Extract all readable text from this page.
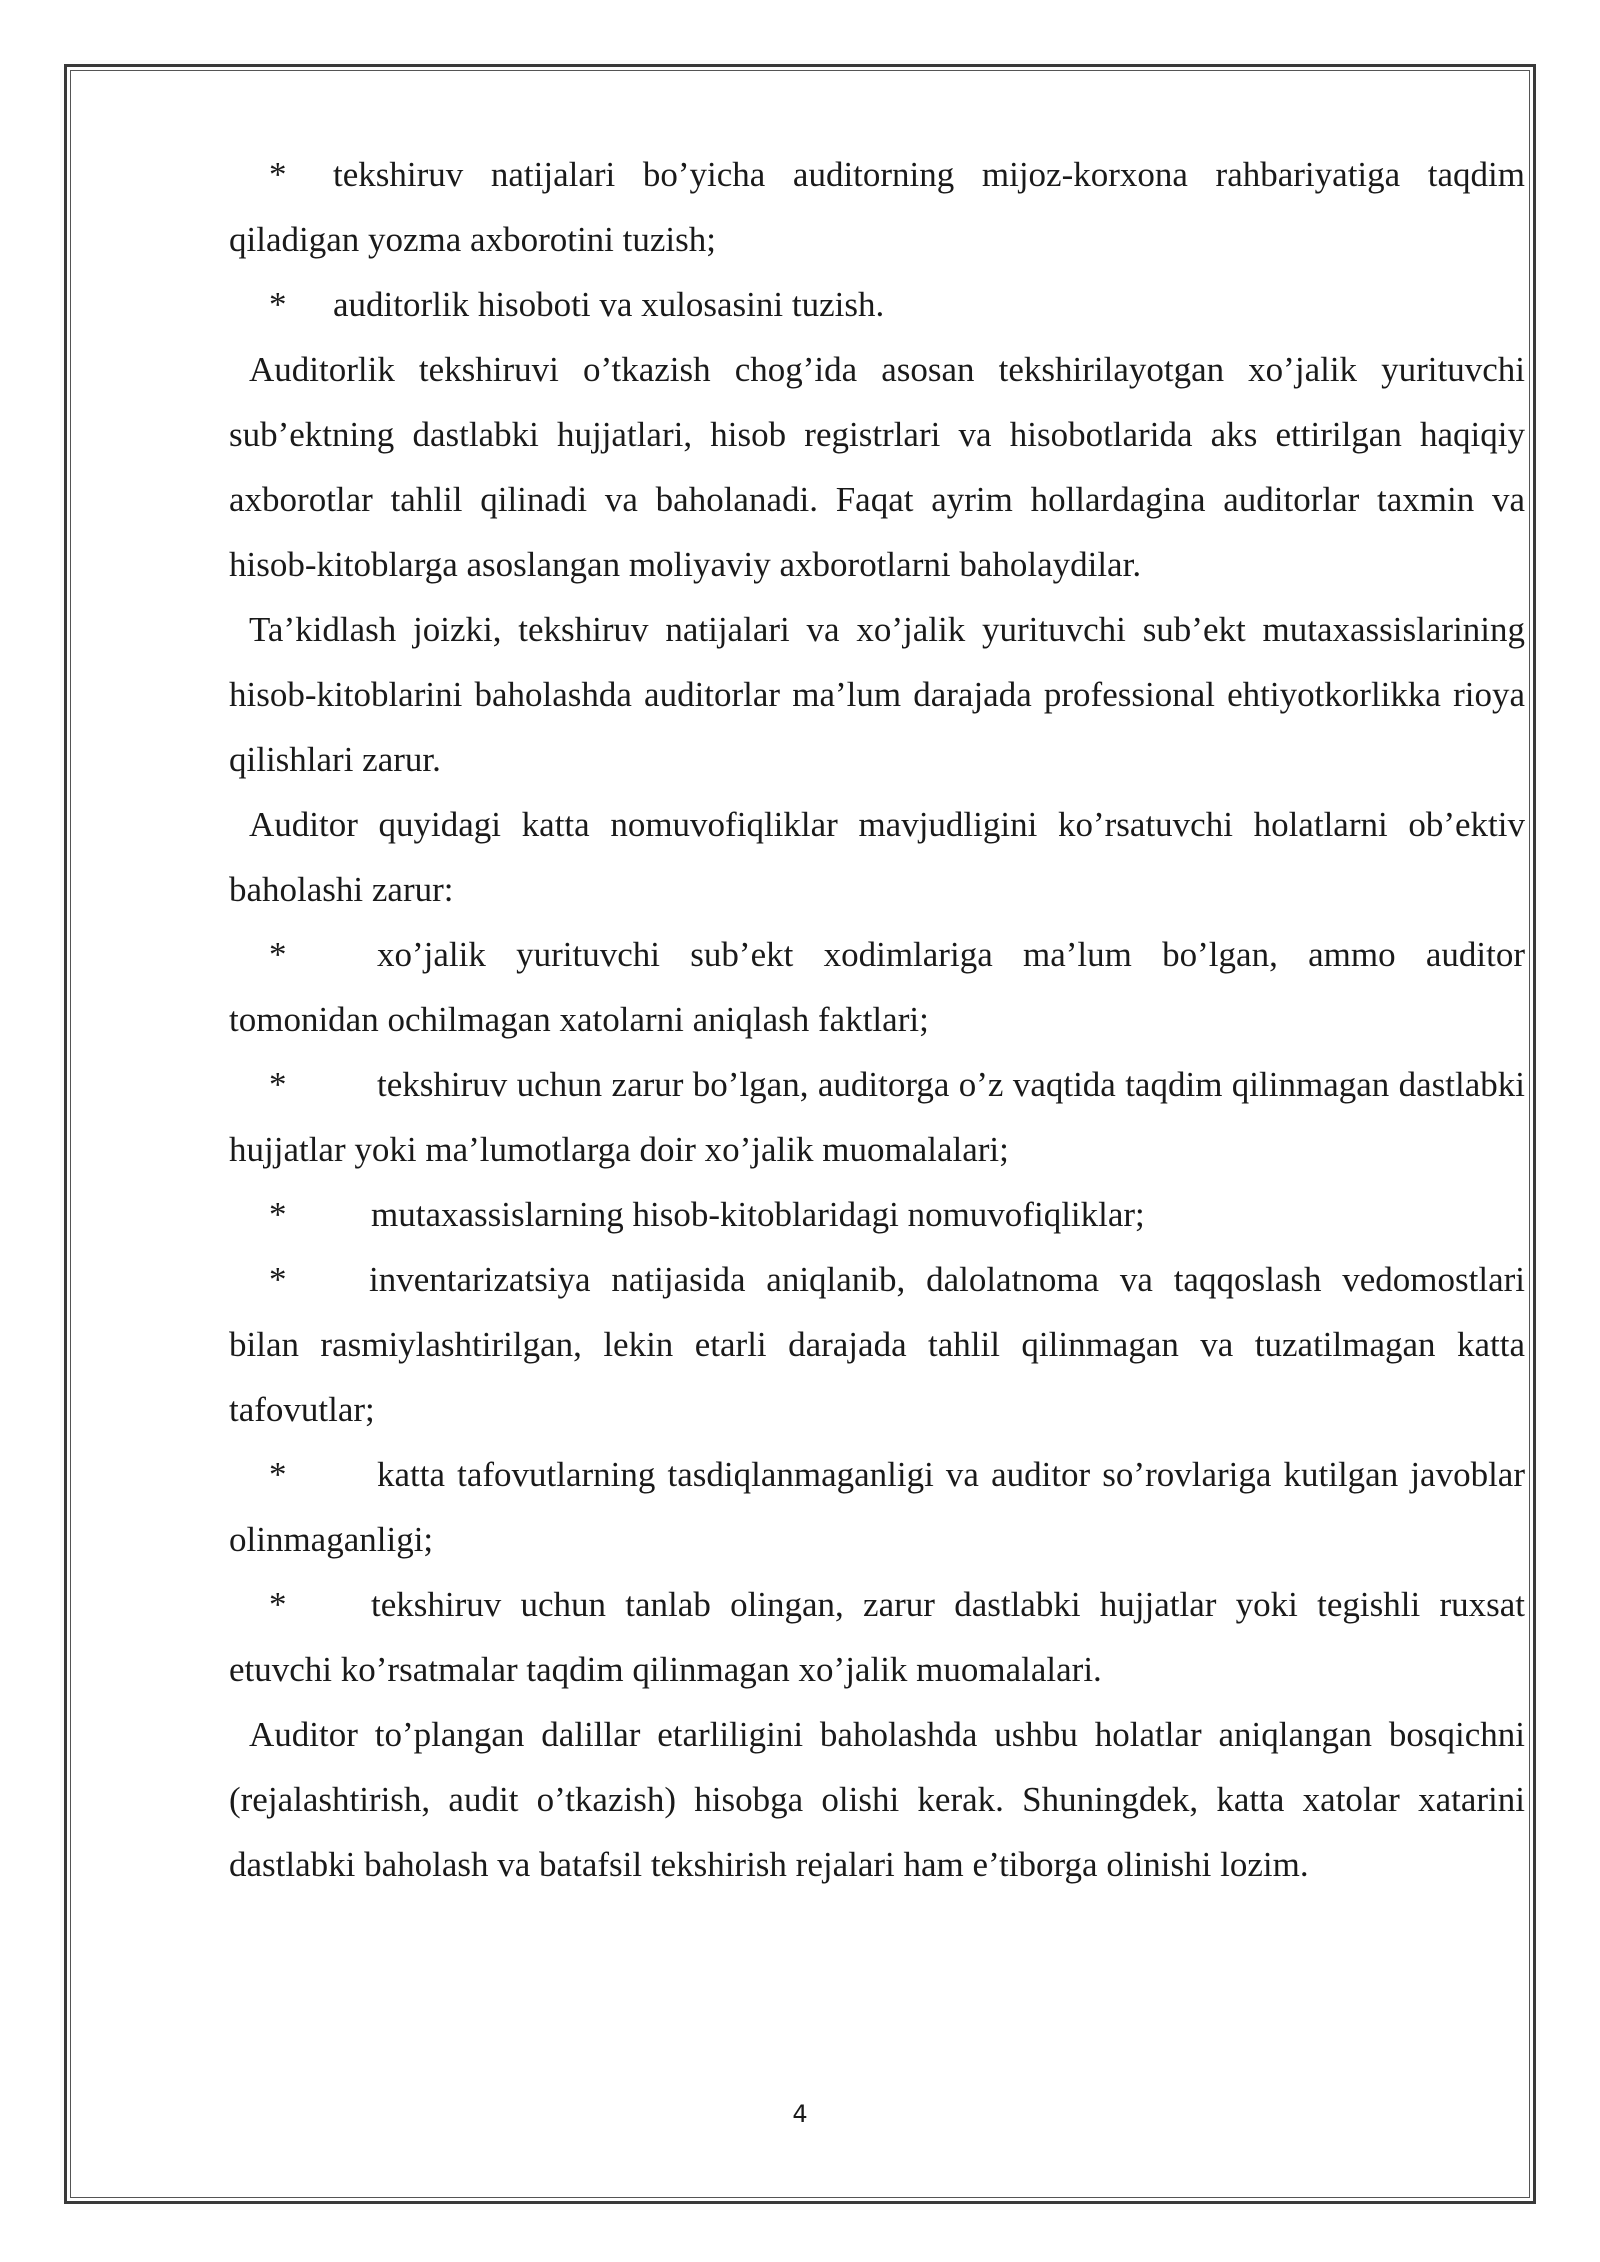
* tekshiruv natijalari bo’yicha auditorning mijoz-korxona rahbariyatiga taqdim qiladigan yozma axborotini tuzish;

* auditorlik hisoboti va xulosasini tuzish.

Auditorlik tekshiruvi o’tkazish chog’ida asosan tekshirilayotgan xo’jalik yurituvchi sub’ektning dastlabki hujjatlari, hisob registrlari va hisobotlarida aks ettirilgan haqiqiy axborotlar tahlil qilinadi va baholanadi. Faqat ayrim hollardagina auditorlar taxmin va hisob-kitoblarga asoslangan moliyaviy axborotlarni baholaydilar.

Ta’kidlash joizki, tekshiruv natijalari va xo’jalik yurituvchi sub’ekt mutaxassislarining hisob-kitoblarini baholashda auditorlar ma’lum darajada professional ehtiyotkorlikka rioya qilishlari zarur.

Auditor quyidagi katta nomuvofiqliklar mavjudligini ko’rsatuvchi holatlarni ob’ektiv baholashi zarur:

*	xo’jalik yurituvchi sub’ekt xodimlariga ma’lum bo’lgan, ammo auditor tomonidan ochilmagan xatolarni aniqlash faktlari;

*	tekshiruv uchun zarur bo’lgan, auditorga o’z vaqtida taqdim qilinmagan dastlabki hujjatlar yoki ma’lumotlarga doir xo’jalik muomalalari;

* mutaxassislarning hisob-kitoblaridagi nomuvofiqliklar;

* inventarizatsiya natijasida aniqlanib, dalolatnoma va taqqoslash vedomostlari bilan rasmiylashtirilgan, lekin etarli darajada tahlil qilinmagan va tuzatilmagan katta tafovutlar;

*	katta tafovutlarning tasdiqlanmaganligi va auditor so’rovlariga kutilgan javoblar olinmaganligi;

* tekshiruv uchun tanlab olingan, zarur dastlabki hujjatlar yoki tegishli ruxsat etuvchi ko’rsatmalar taqdim qilinmagan xo’jalik muomalalari.

Auditor to’plangan dalillar etarliligini baholashda ushbu holatlar aniqlangan bosqichni (rejalashtirish, audit o’tkazish) hisobga olishi kerak. Shuningdek, katta xatolar xatarini dastlabki baholash va batafsil tekshirish rejalari ham e’tiborga olinishi lozim.

4
